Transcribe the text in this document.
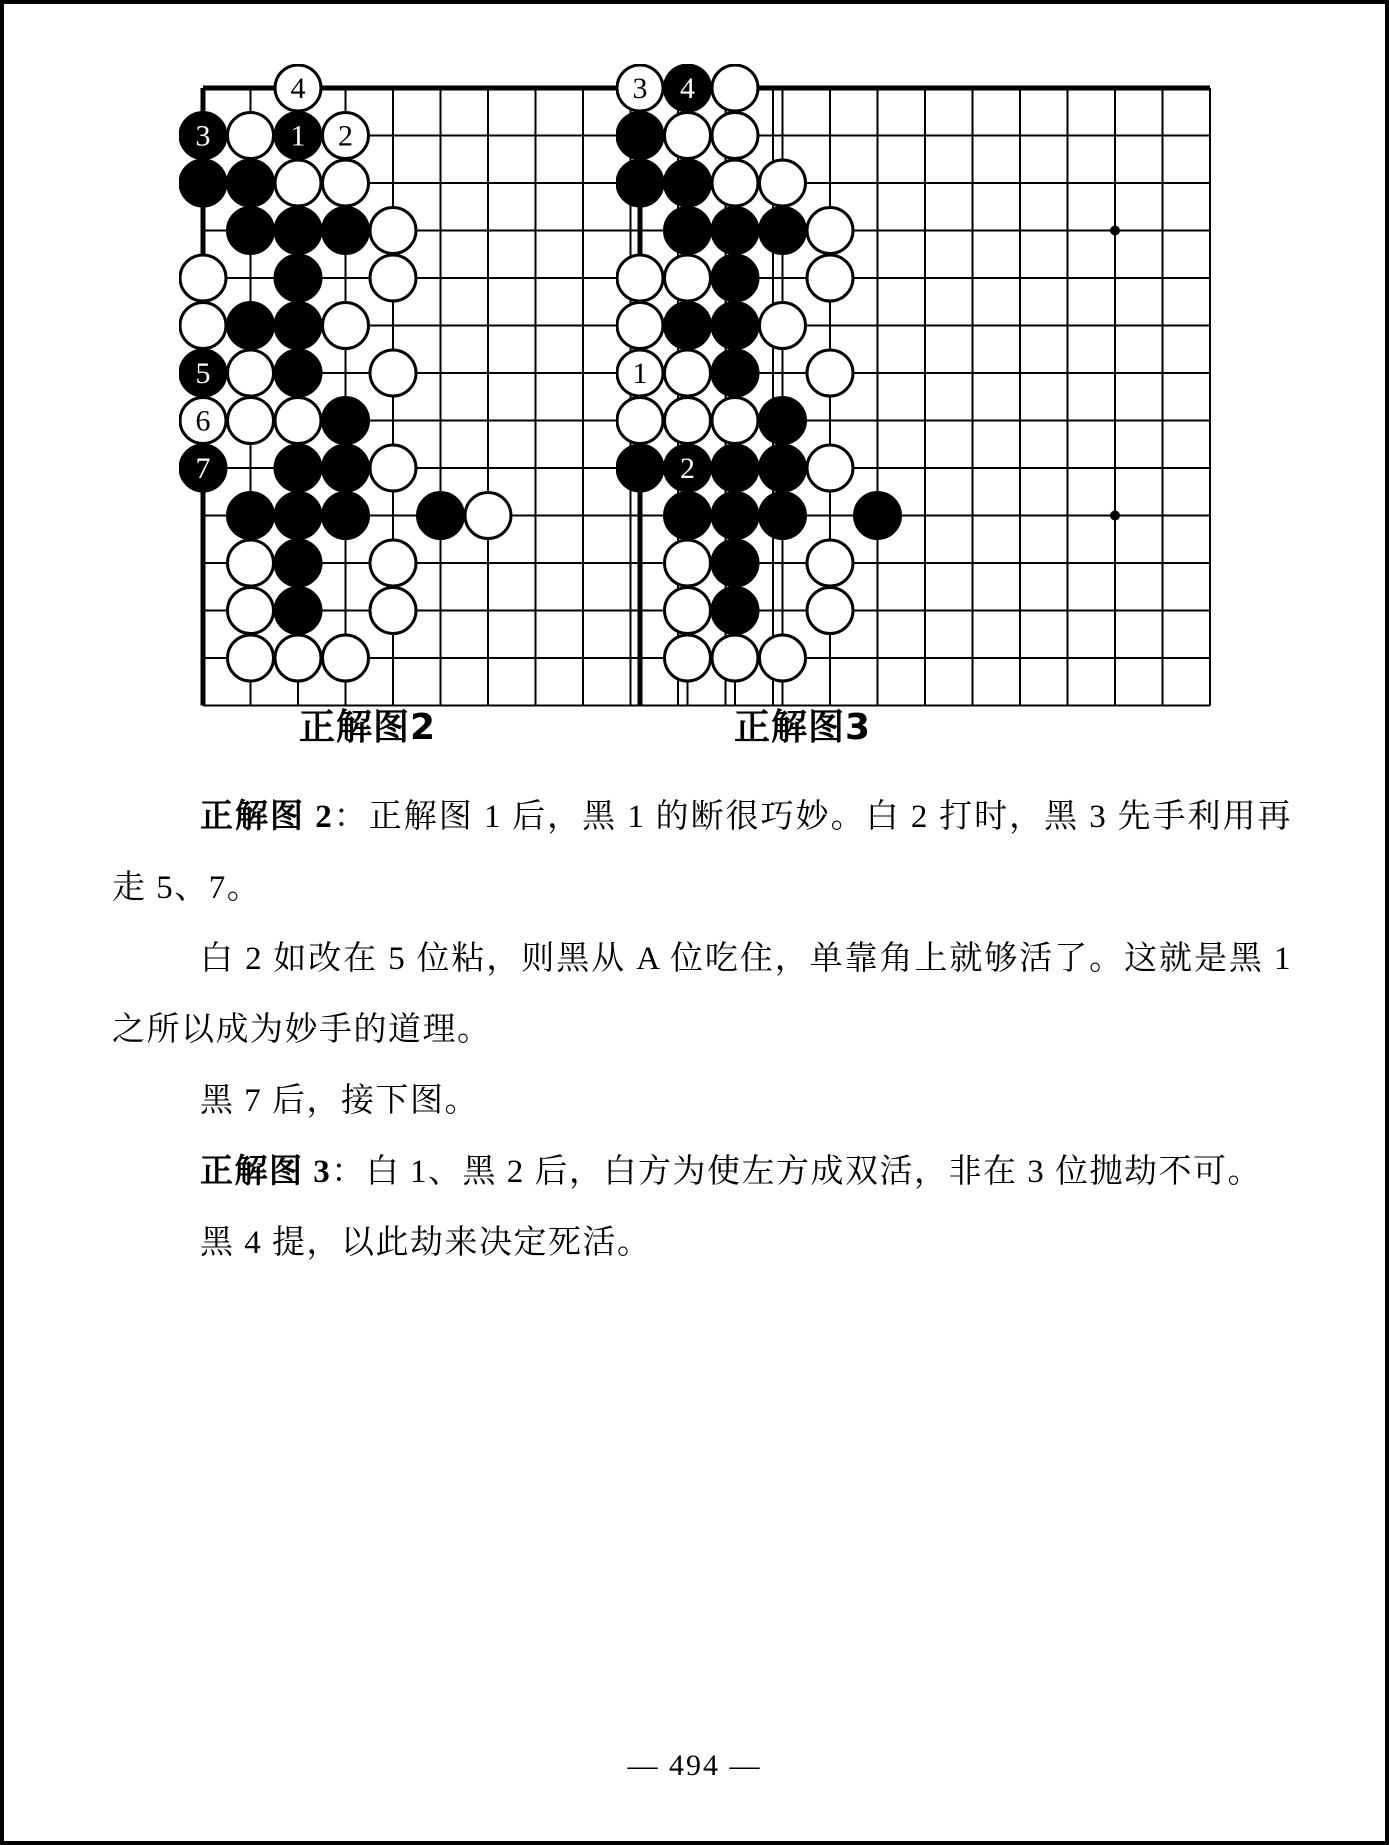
3	1 2
4
5
6
7
3 4
1
2
正解图2	正解图3

正解图 2：正解图 1 后，黑 1 的断很巧妙。白 2 打时，黑 3 先手利用再走 5、7。

白 2 如改在 5 位粘，则黑从 A 位吃住，单靠角上就够活了。这就是黑 1 之所以成为妙手的道理。

黑 7 后，接下图。

正解图 3：白 1、黑 2 后，白方为使左方成双活，非在 3 位抛劫不可。

黑 4 提，以此劫来决定死活。

— 494 —
